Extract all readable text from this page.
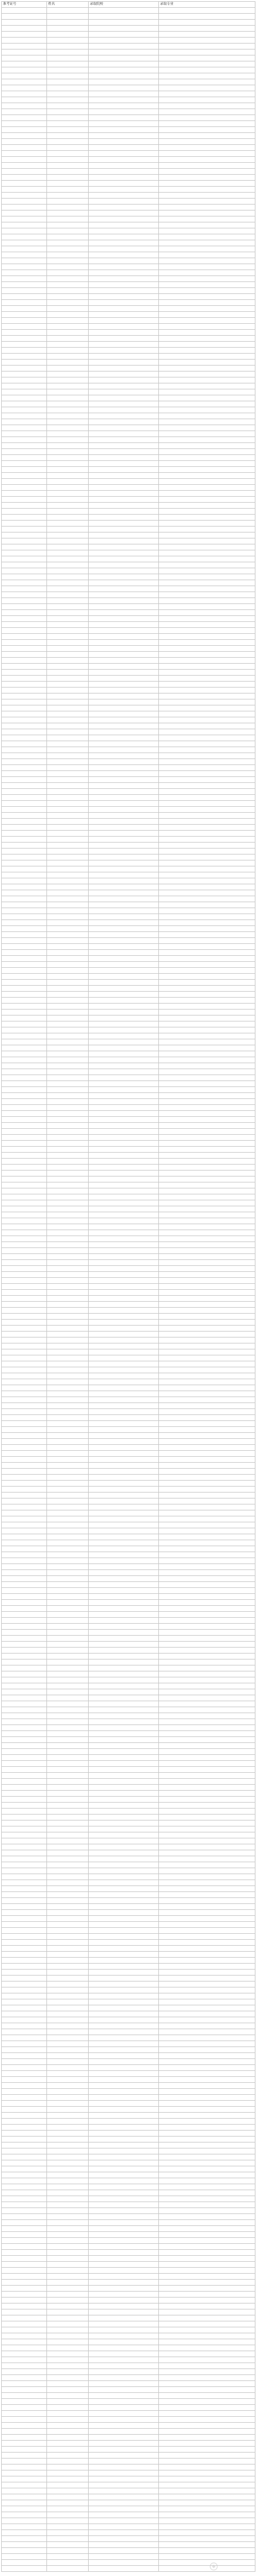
准考证号	姓名	录取院校	录取专业
